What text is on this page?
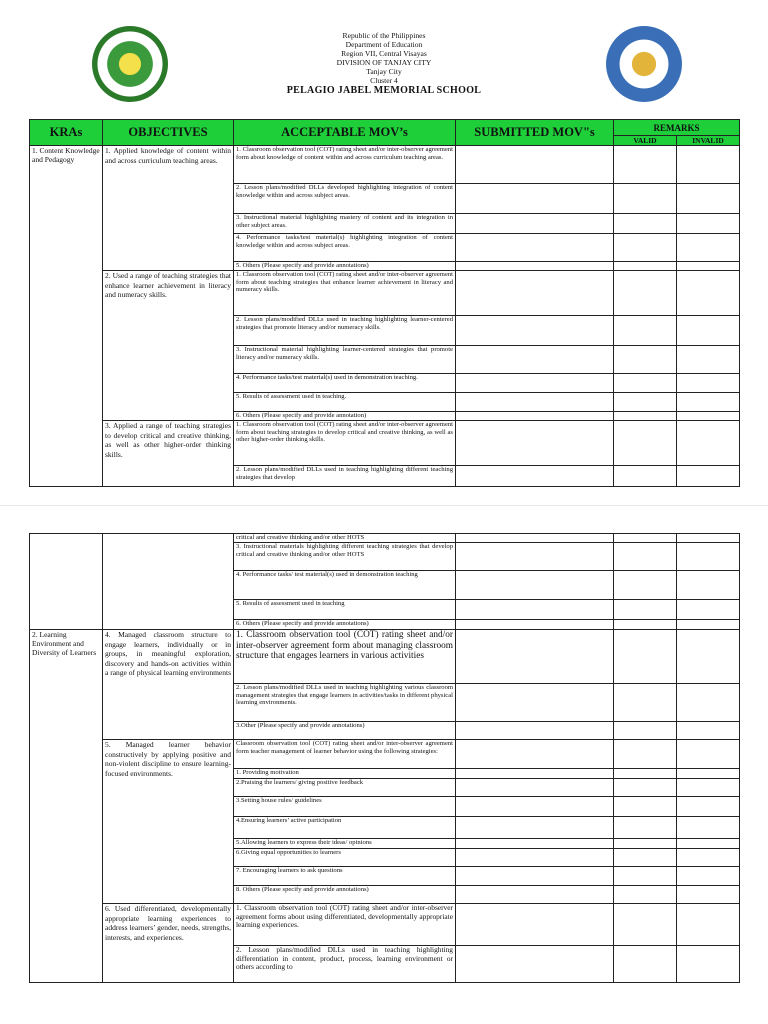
Republic of the Philippines
Department of Education
Region VII, Central Visayas
DIVISION OF TANJAY CITY
Tanjay City
Cluster 4
PELAGIO JABEL MEMORIAL SCHOOL
KRAs	OBJECTIVES	ACCEPTABLE MOV’s	SUBMITTED MOV"s	REMARKS	
				VALID	INVALID
1. Content Knowledge and Pedagogy	1. Applied knowledge of content within and across curriculum teaching areas.	1. Classroom observation tool (COT) rating sheet and/or inter-observer agreement form about knowledge of content within and across curriculum teaching areas.			
		2. Lesson plans/modified DLLs developed highlighting integration of content knowledge within and across subject areas.			
		3. Instructional material highlighting mastery of content and its integration in other subject areas.			
		4. Performance tasks/test material(s) highlighting integration of content knowledge within and across subject areas.			
		5. Others (Please specify and provide annotations)			
	2. Used a range of teaching strategies that enhance learner achievement in literacy and numeracy skills.	1. Classroom observation tool (COT) rating sheet and/or inter-observer agreement form about teaching strategies that enhance learner achievement in literacy and numeracy skills.			
		2. Lesson plans/modified DLLs used in teaching highlighting learner-centered strategies that promote literacy and/or numeracy skills.			
		3. Instructional material highlighting learner-centered strategies that promote literacy and/or numeracy skills.			
		4. Performance tasks/test material(s) used in demonstration teaching.			
		5. Results of assessment used in teaching.			
		6. Others (Please specify and provide annotation)			
	3. Applied a range of teaching strategies to develop critical and creative thinking, as well as other higher-order thinking skills.	1. Classroom observation tool (COT) rating sheet and/or inter-observer agreement form about teaching strategies to develop critical and creative thinking, as well as other higher-order thinking skills.			
		2. Lesson plans/modified DLLs used in teaching highlighting different teaching strategies that develop			
		critical and creative thinking and/or other HOTS			
		3. Instructional materials highlighting different teaching strategies that develop critical and creative thinking and/or other HOTS			
		4. Performance tasks/ test material(s) used in demonstration teaching			
		5. Results of assessment used in teaching			
		6. Others (Please specify and provide annotations)			
2. Learning Environment and Diversity of Learners	4. Managed classroom structure to engage learners, individually or in groups, in meaningful exploration, discovery and hands-on activities within a range of physical learning environments	1. Classroom observation tool (COT) rating sheet and/or inter-observer agreement form about managing classroom structure that engages learners in various activities			
		2. Lesson plans/modified DLLs used in teaching highlighting various classroom management strategies that engage learners in activities/tasks in different physical learning environments.			
		3.Other (Please specify and provide annotations)			
	5. Managed learner behavior constructively by applying positive and non-violent discipline to ensure learning-focused environments.	Classroom observation tool (COT) rating sheet and/or inter-observer agreement form teacher management of learner behavior using the following strategies:			
		1. Providing motivation			
		2.Praising the learners/ giving positive feedback			
		3.Setting house rules/ guidelines			
		4.Ensuring learners’ active participation			
		5.Allowing learners to express their ideas/ opinions			
		6.Giving equal opportunities to learners			
		7. Encouraging learners to ask questions			
		8. Others (Please specify and provide annotations)			
	6. Used differentiated, developmentally appropriate learning experiences to address learners’ gender, needs, strengths, interests, and experiences.	1. Classroom observation tool (COT) rating sheet and/or inter-observer agreement forms about using differentiated, developmentally appropriate learning experiences.			
		2. Lesson plans/modified DLLs used in teaching highlighting differentiation in content, product, process, learning environment or others according to			
